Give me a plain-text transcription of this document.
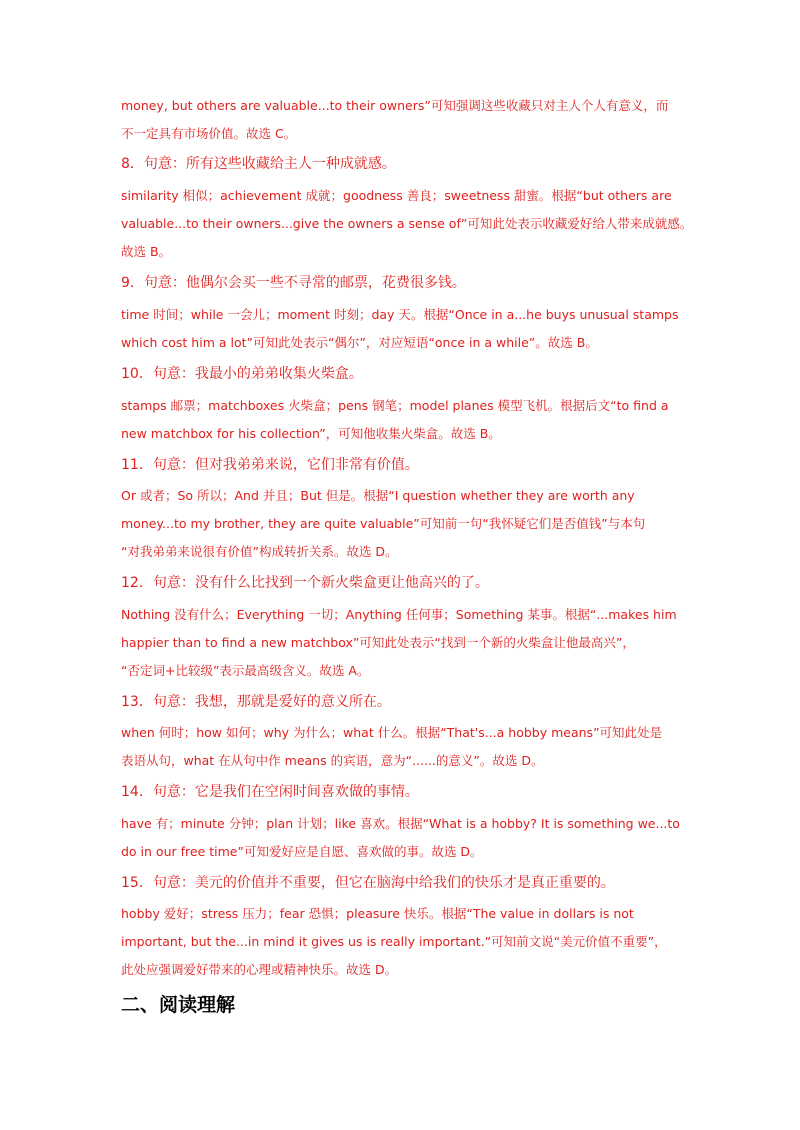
money, but others are valuable...to their owners”可知强调这些收藏只对主人个人有意义，而
不一定具有市场价值。故选 C。
8．句意：所有这些收藏给主人一种成就感。
similarity 相似；achievement 成就；goodness 善良；sweetness 甜蜜。根据“but others are
valuable...to their owners...give the owners a sense of”可知此处表示收藏爱好给人带来成就感。
故选 B。
9．句意：他偶尔会买一些不寻常的邮票，花费很多钱。
time 时间；while 一会儿；moment 时刻；day 天。根据“Once in a...he buys unusual stamps
which cost him a lot”可知此处表示“偶尔”，对应短语“once in a while”。故选 B。
10．句意：我最小的弟弟收集火柴盒。
stamps 邮票；matchboxes 火柴盒；pens 钢笔；model planes 模型飞机。根据后文“to find a
new matchbox for his collection”，可知他收集火柴盒。故选 B。
11．句意：但对我弟弟来说，它们非常有价值。
Or 或者；So 所以；And 并且；But 但是。根据“I question whether they are worth any
money...to my brother, they are quite valuable”可知前一句“我怀疑它们是否值钱”与本句
“对我弟弟来说很有价值”构成转折关系。故选 D。
12．句意：没有什么比找到一个新火柴盒更让他高兴的了。
Nothing 没有什么；Everything 一切；Anything 任何事；Something 某事。根据“...makes him
happier than to find a new matchbox”可知此处表示“找到一个新的火柴盒让他最高兴”，
“否定词+比较级”表示最高级含义。故选 A。
13．句意：我想，那就是爱好的意义所在。
when 何时；how 如何；why 为什么；what 什么。根据“That's...a hobby means”可知此处是
表语从句，what 在从句中作 means 的宾语，意为“......的意义”。故选 D。
14．句意：它是我们在空闲时间喜欢做的事情。
have 有；minute 分钟；plan 计划；like 喜欢。根据“What is a hobby? It is something we...to
do in our free time”可知爱好应是自愿、喜欢做的事。故选 D。
15．句意：美元的价值并不重要，但它在脑海中给我们的快乐才是真正重要的。
hobby 爱好；stress 压力；fear 恐惧；pleasure 快乐。根据“The value in dollars is not
important, but the...in mind it gives us is really important.”可知前文说“美元价值不重要”，
此处应强调爱好带来的心理或精神快乐。故选 D。
二、阅读理解
